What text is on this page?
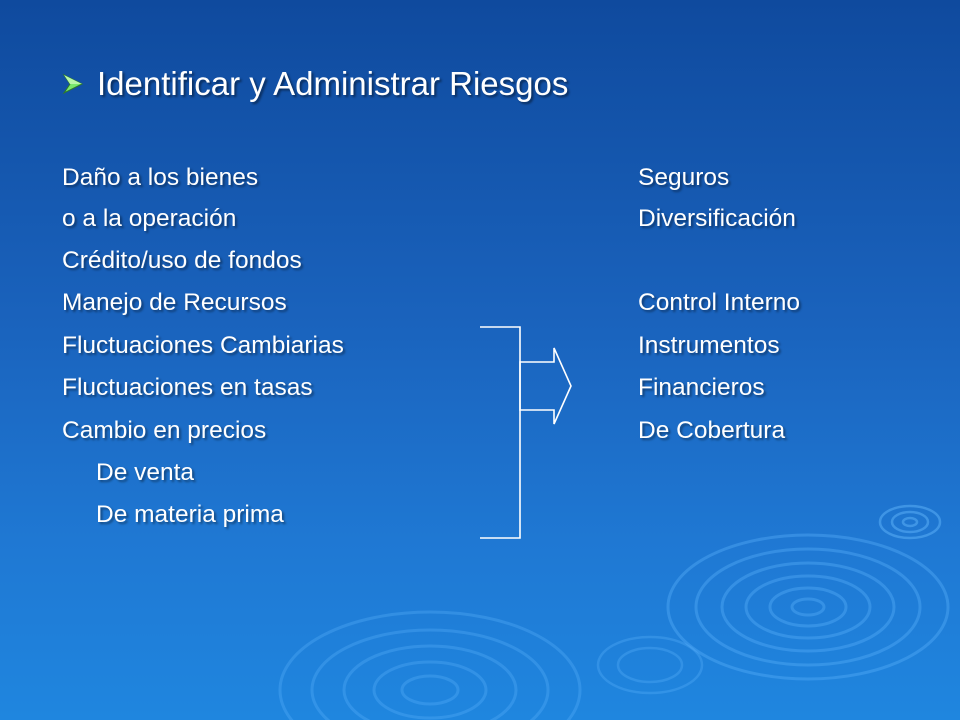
Identificar y Administrar Riesgos
Daño a los bienes
o a la operación
Crédito/uso de fondos
Manejo de Recursos
Fluctuaciones Cambiarias
Fluctuaciones en tasas
Cambio en precios
De venta
De materia prima
Seguros
Diversificación
Control Interno
Instrumentos
Financieros
De Cobertura
